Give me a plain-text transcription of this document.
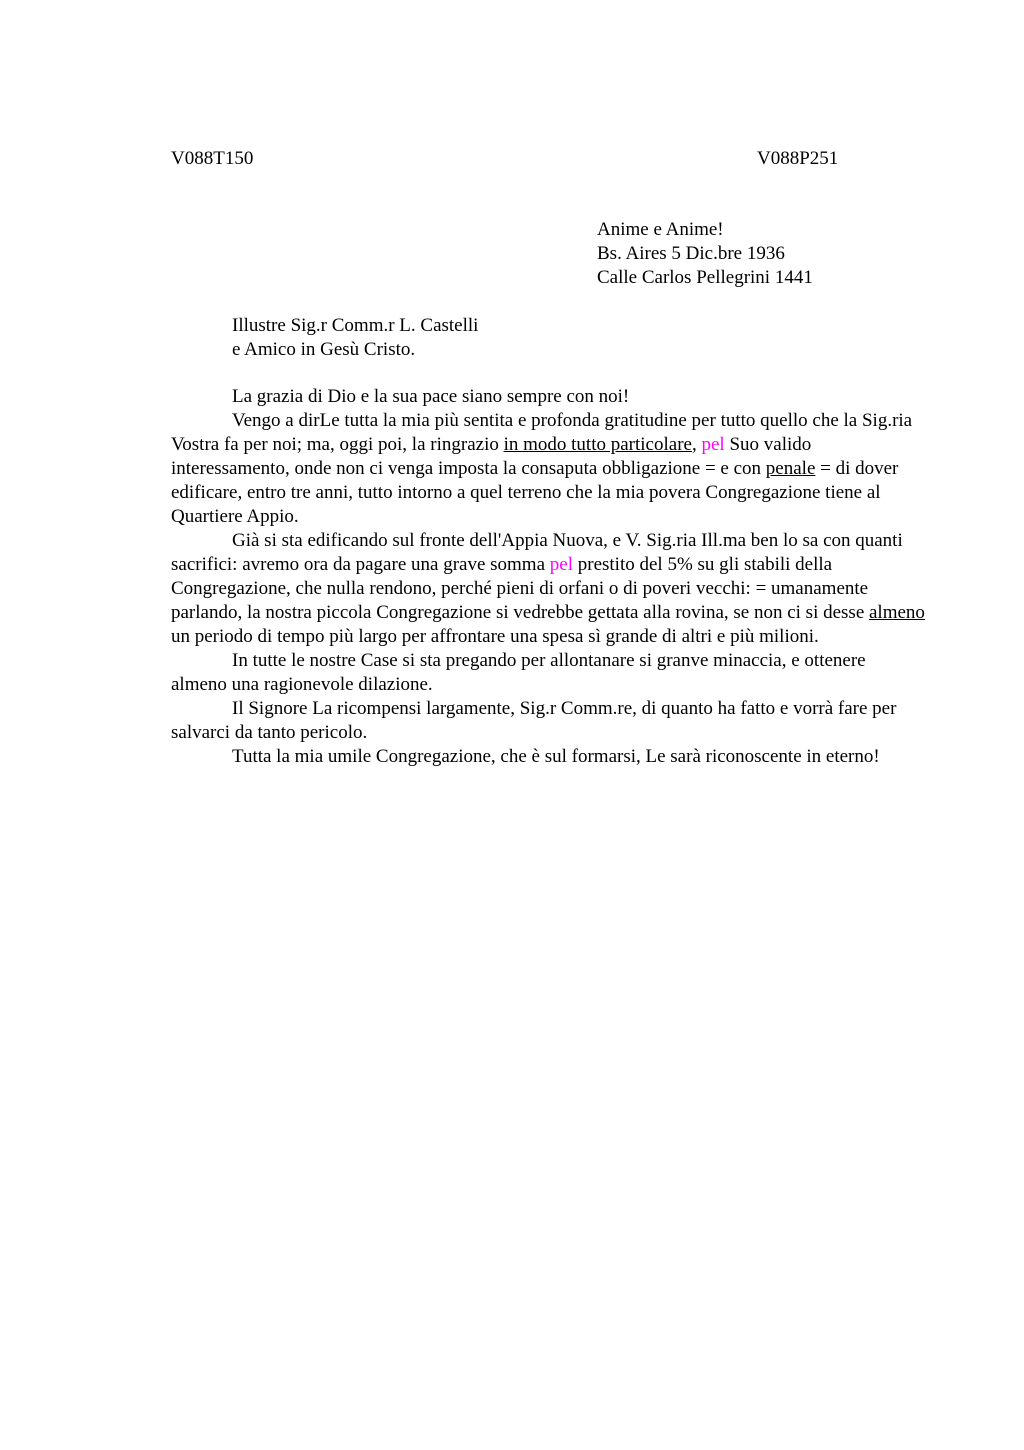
V088T150	V088P251

Anime e Anime!
Bs. Aires 5 Dic.bre 1936
Calle Carlos Pellegrini 1441
Illustre Sig.r Comm.r L. Castelli
e Amico in Gesù Cristo.

La grazia di Dio e la sua pace siano sempre con noi!

Vengo a dirLe tutta la mia più sentita e profonda gratitudine per tutto quello che la Sig.ria Vostra fa per noi; ma, oggi poi, la ringrazio in modo tutto particolare, pel Suo valido interessamento, onde non ci venga imposta la consaputa obbligazione = e con penale = di dover edificare, entro tre anni, tutto intorno a quel terreno che la mia povera Congregazione tiene al Quartiere Appio.

Già si sta edificando sul fronte dell'Appia Nuova, e V. Sig.ria Ill.ma ben lo sa con quanti sacrifici: avremo ora da pagare una grave somma pel prestito del 5% su gli stabili della Congregazione, che nulla rendono, perché pieni di orfani o di poveri vecchi: = umanamente parlando, la nostra piccola Congregazione si vedrebbe gettata alla rovina, se non ci si desse almeno un periodo di tempo più largo per affrontare una spesa sì grande di altri e più milioni.

In tutte le nostre Case si sta pregando per allontanare si granve minaccia, e ottenere almeno una ragionevole dilazione.

Il Signore La ricompensi largamente, Sig.r Comm.re, di quanto ha fatto e vorrà fare per salvarci da tanto pericolo.

Tutta la mia umile Congregazione, che è sul formarsi, Le sarà riconoscente in eterno!
